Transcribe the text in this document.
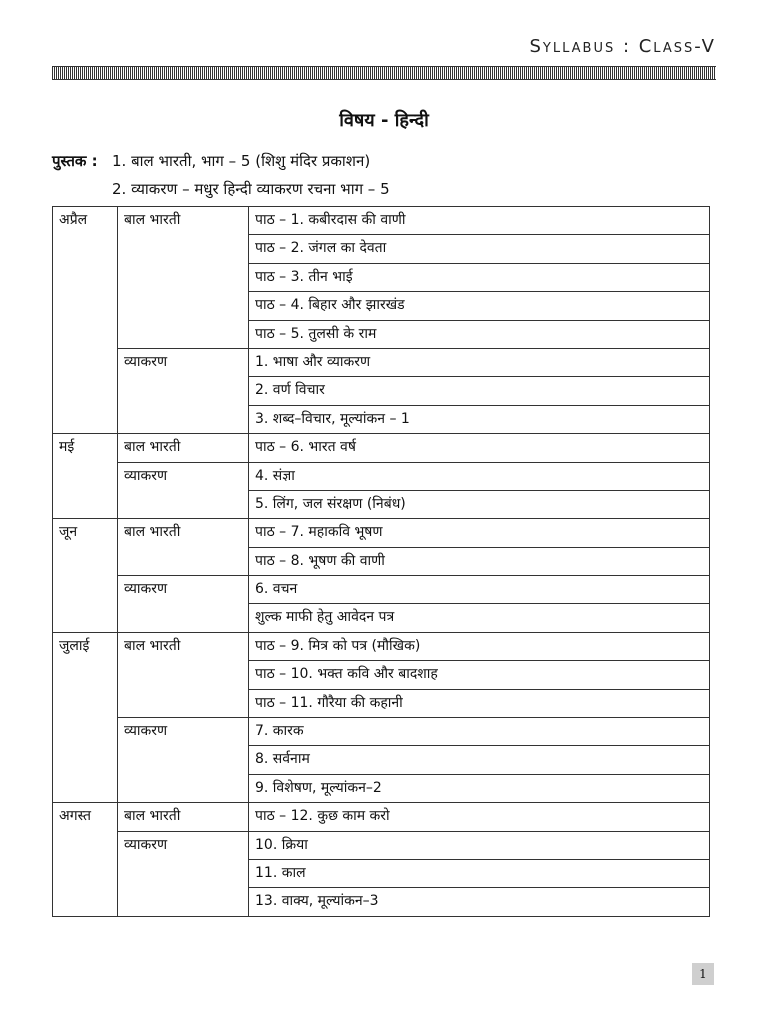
Syllabus : Class-V
विषय - हिन्दी
पुस्तक : 1. बाल भारती, भाग – 5 (शिशु मंदिर प्रकाशन)
2. व्याकरण – मधुर हिन्दी व्याकरण रचना भाग – 5
अप्रैल	बाल भारती	पाठ – 1. कबीरदास की वाणी
		पाठ – 2. जंगल का देवता
		पाठ – 3. तीन भाई
		पाठ – 4. बिहार और झारखंड
		पाठ – 5. तुलसी के राम
	व्याकरण	1. भाषा और व्याकरण
		2. वर्ण विचार
		3. शब्द–विचार, मूल्यांकन – 1
मई	बाल भारती	पाठ – 6. भारत वर्ष
	व्याकरण	4. संज्ञा
		5. लिंग, जल संरक्षण (निबंध)
जून	बाल भारती	पाठ – 7. महाकवि भूषण
		पाठ – 8. भूषण की वाणी
	व्याकरण	6. वचन
		शुल्क माफी हेतु आवेदन पत्र
जुलाई	बाल भारती	पाठ – 9. मित्र को पत्र (मौखिक)
		पाठ – 10. भक्त कवि और बादशाह
		पाठ – 11. गौरैया की कहानी
	व्याकरण	7. कारक
		8. सर्वनाम
		9. विशेषण, मूल्यांकन–2
अगस्त	बाल भारती	पाठ – 12. कुछ काम करो
	व्याकरण	10. क्रिया
		11. काल
		13. वाक्य, मूल्यांकन–3
1
